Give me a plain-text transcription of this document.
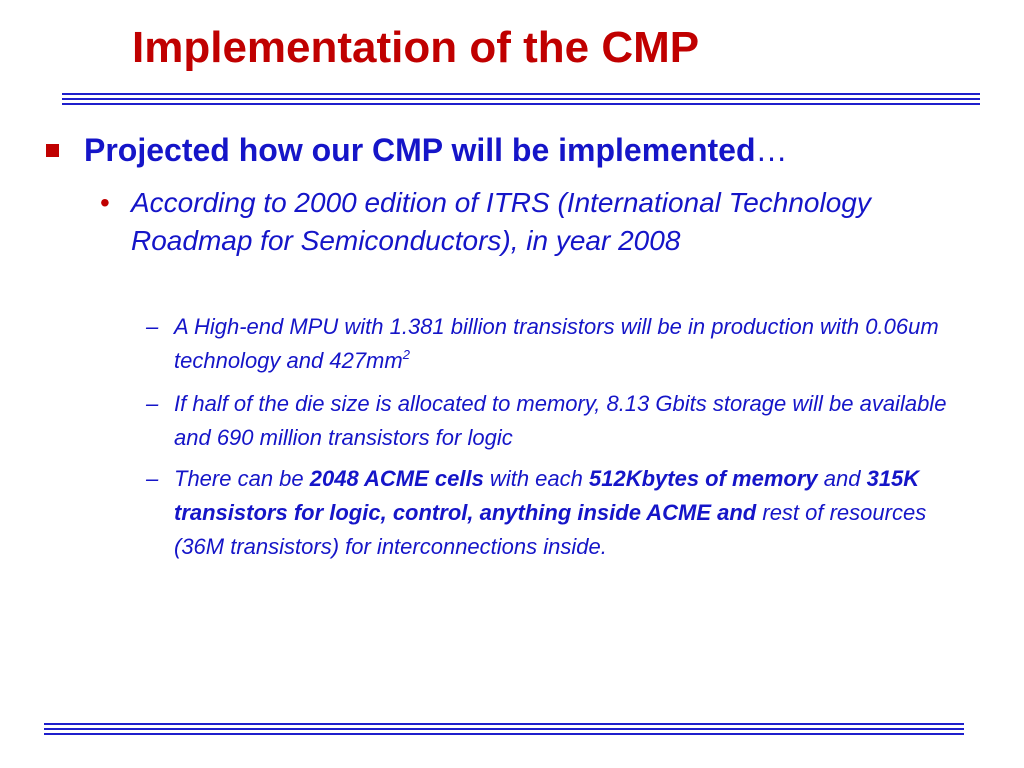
Implementation of the CMP
Projected how our CMP will be implemented…
• According to 2000 edition of ITRS (International Technology Roadmap for Semiconductors), in year 2008
– A High-end MPU with 1.381 billion transistors will be in production with 0.06um technology and $427mm^2$
– If half of the die size is allocated to memory, 8.13 Gbits storage will be available and 690 million transistors for logic
– There can be 2048 ACME cells with each 512Kbytes of memory and 315K transistors for logic, control, anything inside ACME and rest of resources (36M transistors) for interconnections inside.
